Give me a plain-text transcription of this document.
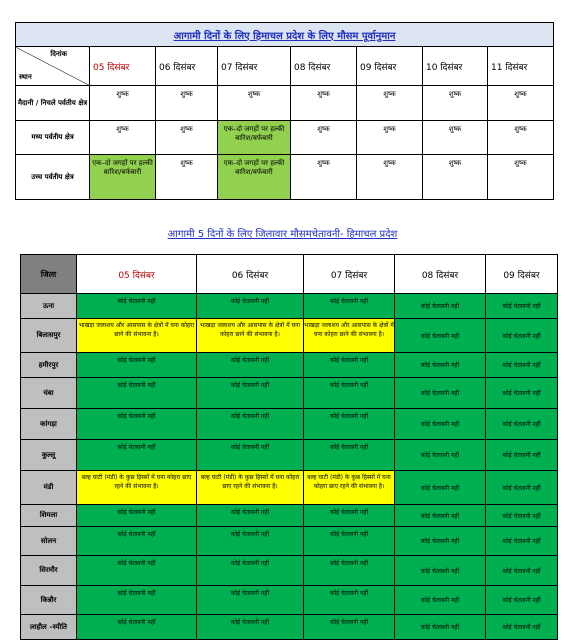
आगामी दिनों के लिए हिमाचल प्रदेश के लिए मौसम पूर्वानुमान							

दिनांक
स्थान	05 दिसंबर	06 दिसंबर	07 दिसंबर	08 दिसंबर	09 दिसंबर	10 दिसंबर	11 दिसंबर
मैदानी / निचले पर्वतीय क्षेत्र	शुष्क	शुष्क	शुष्क	शुष्क	शुष्क	शुष्क	शुष्क
मध्य पर्वतीय क्षेत्र	शुष्क	शुष्क	एक–दो जगहों पर हल्की बारिश/बर्फबारी	शुष्क	शुष्क	शुष्क	शुष्क
उच्च पर्वतीय क्षेत्र	एक–दो जगहों पर हल्की बारिश/बर्फबारी	शुष्क	एक–दो जगहों पर हल्की बारिश/बर्फबारी	शुष्क	शुष्क	शुष्क	शुष्क
आगामी 5 दिनों के लिए जिलावार मौसमचेतावनी- हिमाचल प्रदेश
जिला	05 दिसंबर	06 दिसंबर	07 दिसंबर	08 दिसंबर	09 दिसंबर
ऊना	कोई चेतावनी नहीं	कोई चेतावनी नहीं	कोई चेतावनी नहीं	कोई चेतावनी नहीं	कोई चेतावनी नहीं
बिलासपुर	भाखड़ा जलाशय और आसपास के क्षेत्रों में घना कोहरा छाने की संभावना है।	भाखड़ा जलाशय और आसपास के क्षेत्रों में घना कोहरा छाने की संभावना है।	भाखड़ा जलाशय और आसपास के क्षेत्रों में घना कोहरा छाने की संभावना है।	कोई चेतावनी नहीं	कोई चेतावनी नहीं
हमीरपुर	कोई चेतावनी नहीं	कोई चेतावनी नहीं	कोई चेतावनी नहीं	कोई चेतावनी नहीं	कोई चेतावनी नहीं
चंबा	कोई चेतावनी नहीं	कोई चेतावनी नहीं	कोई चेतावनी नहीं	कोई चेतावनी नहीं	कोई चेतावनी नहीं
कांगड़ा	कोई चेतावनी नहीं	कोई चेतावनी नहीं	कोई चेतावनी नहीं	कोई चेतावनी नहीं	कोई चेतावनी नहीं
कुल्लू	कोई चेतावनी नहीं	कोई चेतावनी नहीं	कोई चेतावनी नहीं	कोई चेतावनी नहीं	कोई चेतावनी नहीं
मंडी	बल्ह घाटी (मंडी) के कुछ हिस्सों में घना कोहरा छाए रहने की संभावना है।	बल्ह घाटी (मंडी) के कुछ हिस्सों में घना कोहरा छाए रहने की संभावना है।	बल्ह घाटी (मंडी) के कुछ हिस्सों में घना कोहरा छाए रहने की संभावना है।	कोई चेतावनी नहीं	कोई चेतावनी नहीं
शिमला	कोई चेतावनी नहीं	कोई चेतावनी नहीं	कोई चेतावनी नहीं	कोई चेतावनी नहीं	कोई चेतावनी नहीं
सोलन	कोई चेतावनी नहीं	कोई चेतावनी नहीं	कोई चेतावनी नहीं	कोई चेतावनी नहीं	कोई चेतावनी नहीं
सिरमौर	कोई चेतावनी नहीं	कोई चेतावनी नहीं	कोई चेतावनी नहीं	कोई चेतावनी नहीं	कोई चेतावनी नहीं
किन्नौर	कोई चेतावनी नहीं	कोई चेतावनी नहीं	कोई चेतावनी नहीं	कोई चेतावनी नहीं	कोई चेतावनी नहीं
लाहौल –स्पीति	कोई चेतावनी नहीं	कोई चेतावनी नहीं	कोई चेतावनी नहीं	कोई चेतावनी नहीं	कोई चेतावनी नहीं
